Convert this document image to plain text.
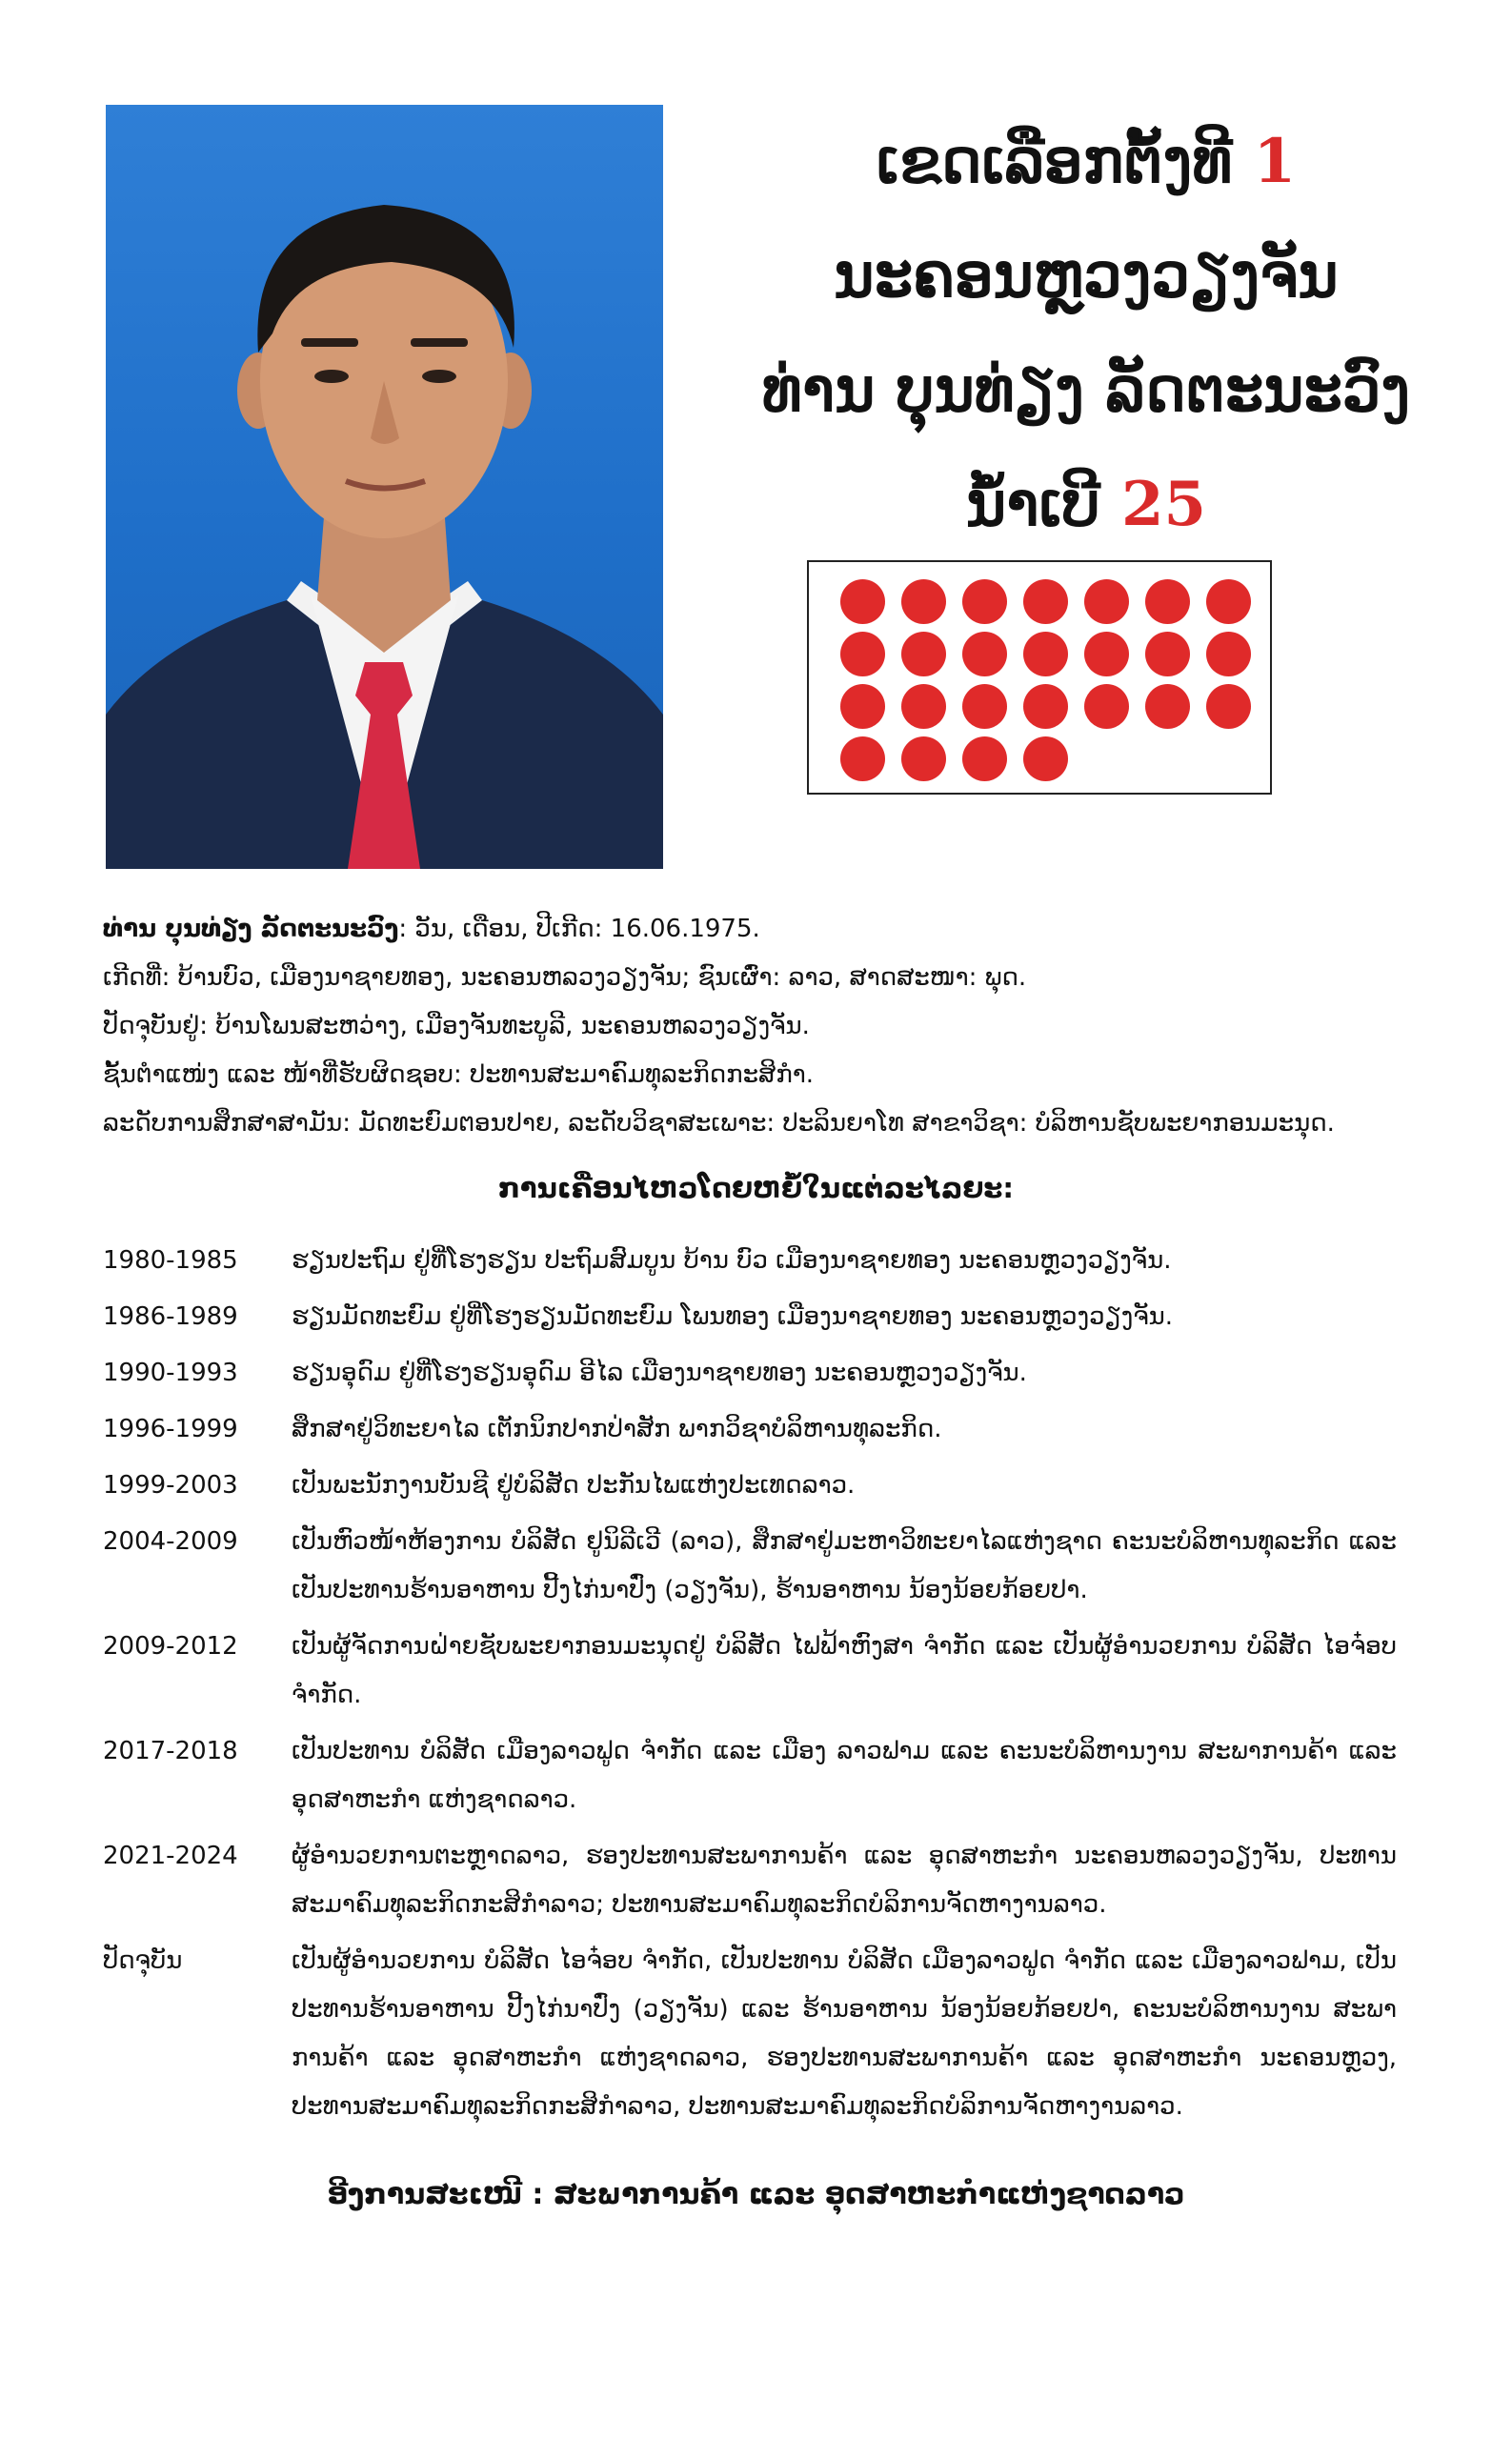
ເຂດເລືອກຕັ້ງທີ 1
ນະຄອນຫຼວງວຽງຈັນ
ທ່ານ ບຸນທ່ຽງ ລັດຕະນະວົງ
ນ້ຳເບີ 25
ທ່ານ ບຸນທ່ຽງ ລັດຕະນະວົງ: ວັນ, ເດືອນ, ປີເກີດ: 16.06.1975.
ເກີດທີ່: ບ້ານບົວ, ເມືອງນາຊາຍທອງ, ນະຄອນຫລວງວຽງຈັນ; ຊົນເຜົ່າ: ລາວ, ສາດສະໜາ: ພຸດ.
ປັດຈຸບັນຢູ່: ບ້ານໂພນສະຫວ່າງ, ເມືອງຈັນທະບູລີ, ນະຄອນຫລວງວຽງຈັນ.
ຊັ້ນຕໍາແໜ່ງ ແລະ ໜ້າທີ່ຮັບຜິດຊອບ: ປະທານສະມາຄົມທຸລະກິດກະສິກໍາ.
ລະດັບການສຶກສາສາມັນ: ມັດທະຍົມຕອນປາຍ, ລະດັບວິຊາສະເພາະ: ປະລິນຍາໂທ ສາຂາວິຊາ: ບໍລິຫານຊັບພະຍາກອນມະນຸດ.
ການເຄື່ອນໄຫວໂດຍຫຍໍ້ໃນແຕ່ລະໄລຍະ:
1980-1985	ຮຽນປະຖົມ ຢູ່ທີ່ໂຮງຮຽນ ປະຖົມສົມບູນ ບ້ານ ບົວ ເມືອງນາຊາຍທອງ ນະຄອນຫຼວງວຽງຈັນ.
1986-1989	ຮຽນມັດທະຍົມ ຢູ່ທີ່ໂຮງຮຽນມັດທະຍົມ ໂພນທອງ ເມືອງນາຊາຍທອງ ນະຄອນຫຼວງວຽງຈັນ.
1990-1993	ຮຽນອຸດົມ ຢູ່ທີ່ໂຮງຮຽນອຸດົມ ອີໄລ ເມືອງນາຊາຍທອງ ນະຄອນຫຼວງວຽງຈັນ.
1996-1999	ສຶກສາຢູ່ວິທະຍາໄລ ເຕັກນິກປາກປ່າສັກ ພາກວິຊາບໍລິຫານທຸລະກິດ.
1999-2003	ເປັນພະນັກງານບັນຊີ ຢູ່ບໍລິສັດ ປະກັນໄພແຫ່ງປະເທດລາວ.
2004-2009	ເປັນຫົວໜ້າຫ້ອງການ ບໍລິສັດ ຢູນິລີເວີ (ລາວ), ສຶກສາຢູ່ມະຫາວິທະຍາໄລແຫ່ງຊາດ ຄະນະບໍລິຫານທຸລະກິດ ແລະ ເປັນປະທານຮ້ານອາຫານ ປີ້ງໄກ່ນາປົ່ງ (ວຽງຈັນ), ຮ້ານອາຫານ ນ້ອງນ້ອຍກ້ອຍປາ.
2009-2012	ເປັນຜູ້ຈັດການຝ່າຍຊັບພະຍາກອນມະນຸດຢູ່ ບໍລິສັດ ໄຟຟ້າຫົງສາ ຈຳກັດ ແລະ ເປັນຜູ້ອຳນວຍການ ບໍລິສັດ ໄອຈ໋ອບ ຈຳກັດ.
2017-2018	ເປັນປະທານ ບໍລິສັດ ເມືອງລາວຟູດ ຈຳກັດ ແລະ ເມືອງ ລາວຟາມ ແລະ ຄະນະບໍລິຫານງານ ສະພາການຄ້າ ແລະ ອຸດສາຫະກຳ ແຫ່ງຊາດລາວ.
2021-2024	ຜູ້ອຳນວຍການຕະຫຼາດລາວ, ຮອງປະທານສະພາການຄ້າ ແລະ ອຸດສາຫະກຳ ນະຄອນຫລວງວຽງຈັນ, ປະທານສະມາຄົມທຸລະກິດກະສິກຳລາວ; ປະທານສະມາຄົມທຸລະກິດບໍລິການຈັດຫາງານລາວ.
ປັດຈຸບັນ	ເປັນຜູ້ອຳນວຍການ ບໍລິສັດ ໄອຈ໋ອບ ຈຳກັດ, ເປັນປະທານ ບໍລິສັດ ເມືອງລາວຟູດ ຈຳກັດ ແລະ ເມືອງລາວຟາມ, ເປັນປະທານຮ້ານອາຫານ ປີ້ງໄກ່ນາປົ່ງ (ວຽງຈັນ) ແລະ ຮ້ານອາຫານ ນ້ອງນ້ອຍກ້ອຍປາ, ຄະນະບໍລິຫານງານ ສະພາການຄ້າ ແລະ ອຸດສາຫະກຳ ແຫ່ງຊາດລາວ, ຮອງປະທານສະພາການຄ້າ ແລະ ອຸດສາຫະກຳ ນະຄອນຫຼວງ, ປະທານສະມາຄົມທຸລະກິດກະສິກຳລາວ, ປະທານສະມາຄົມທຸລະກິດບໍລິການຈັດຫາງານລາວ.
ອີງການສະເໜີ : ສະພາການຄ້າ ແລະ ອຸດສາຫະກຳແຫ່ງຊາດລາວ
